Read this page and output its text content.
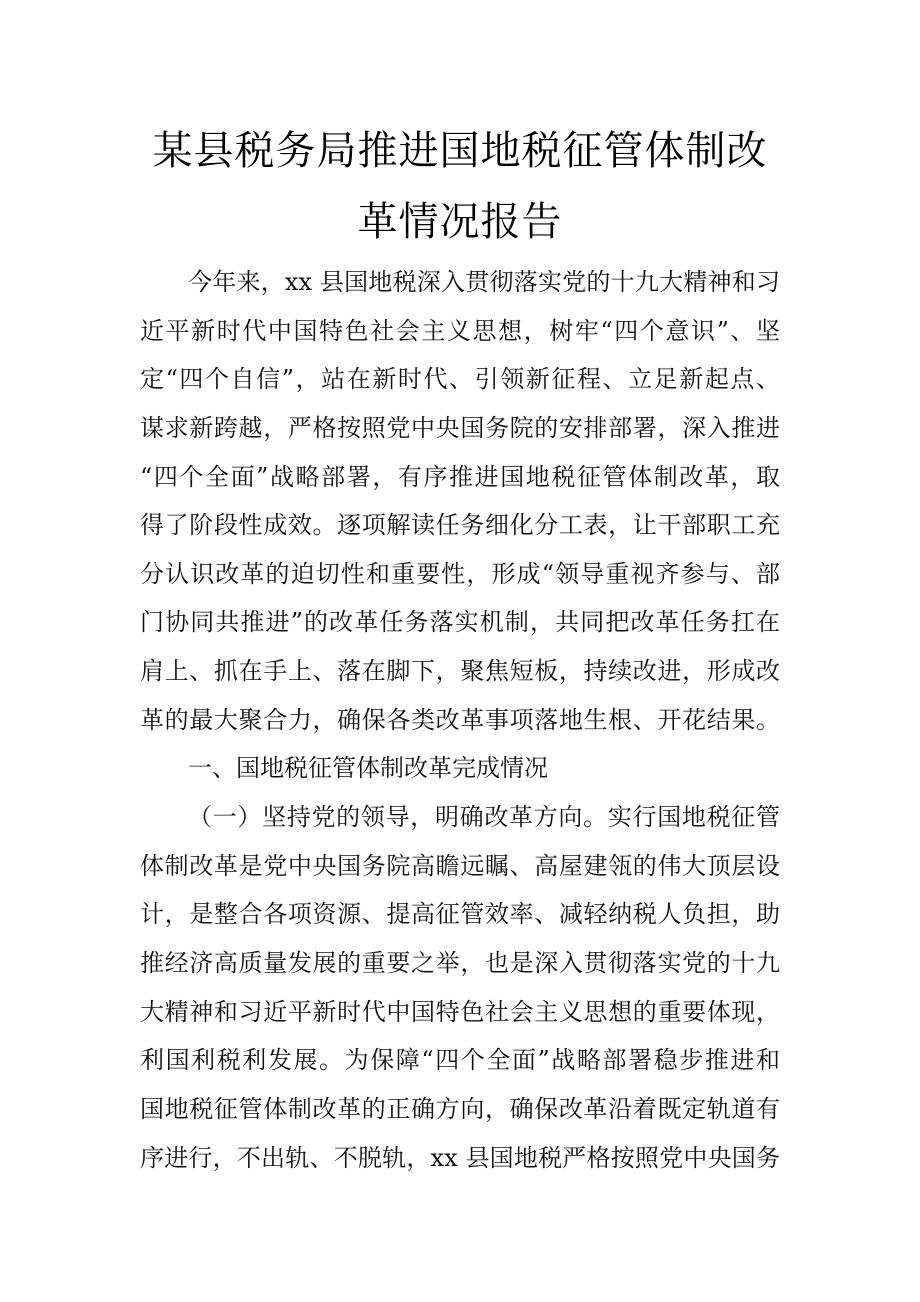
某县税务局推进国地税征管体制改
革情况报告
今年来，xx 县国地税深入贯彻落实党的十九大精神和习
近平新时代中国特色社会主义思想，树牢“四个意识”、坚
定“四个自信”，站在新时代、引领新征程、立足新起点、
谋求新跨越，严格按照党中央国务院的安排部署，深入推进
“四个全面”战略部署，有序推进国地税征管体制改革，取
得了阶段性成效。逐项解读任务细化分工表，让干部职工充
分认识改革的迫切性和重要性，形成“领导重视齐参与、部
门协同共推进”的改革任务落实机制，共同把改革任务扛在
肩上、抓在手上、落在脚下，聚焦短板，持续改进，形成改
革的最大聚合力，确保各类改革事项落地生根、开花结果。
一、国地税征管体制改革完成情况
（一）坚持党的领导，明确改革方向。实行国地税征管
体制改革是党中央国务院高瞻远瞩、高屋建瓴的伟大顶层设
计，是整合各项资源、提高征管效率、减轻纳税人负担，助
推经济高质量发展的重要之举，也是深入贯彻落实党的十九
大精神和习近平新时代中国特色社会主义思想的重要体现，
利国利税利发展。为保障“四个全面”战略部署稳步推进和
国地税征管体制改革的正确方向，确保改革沿着既定轨道有
序进行，不出轨、不脱轨，xx 县国地税严格按照党中央国务
